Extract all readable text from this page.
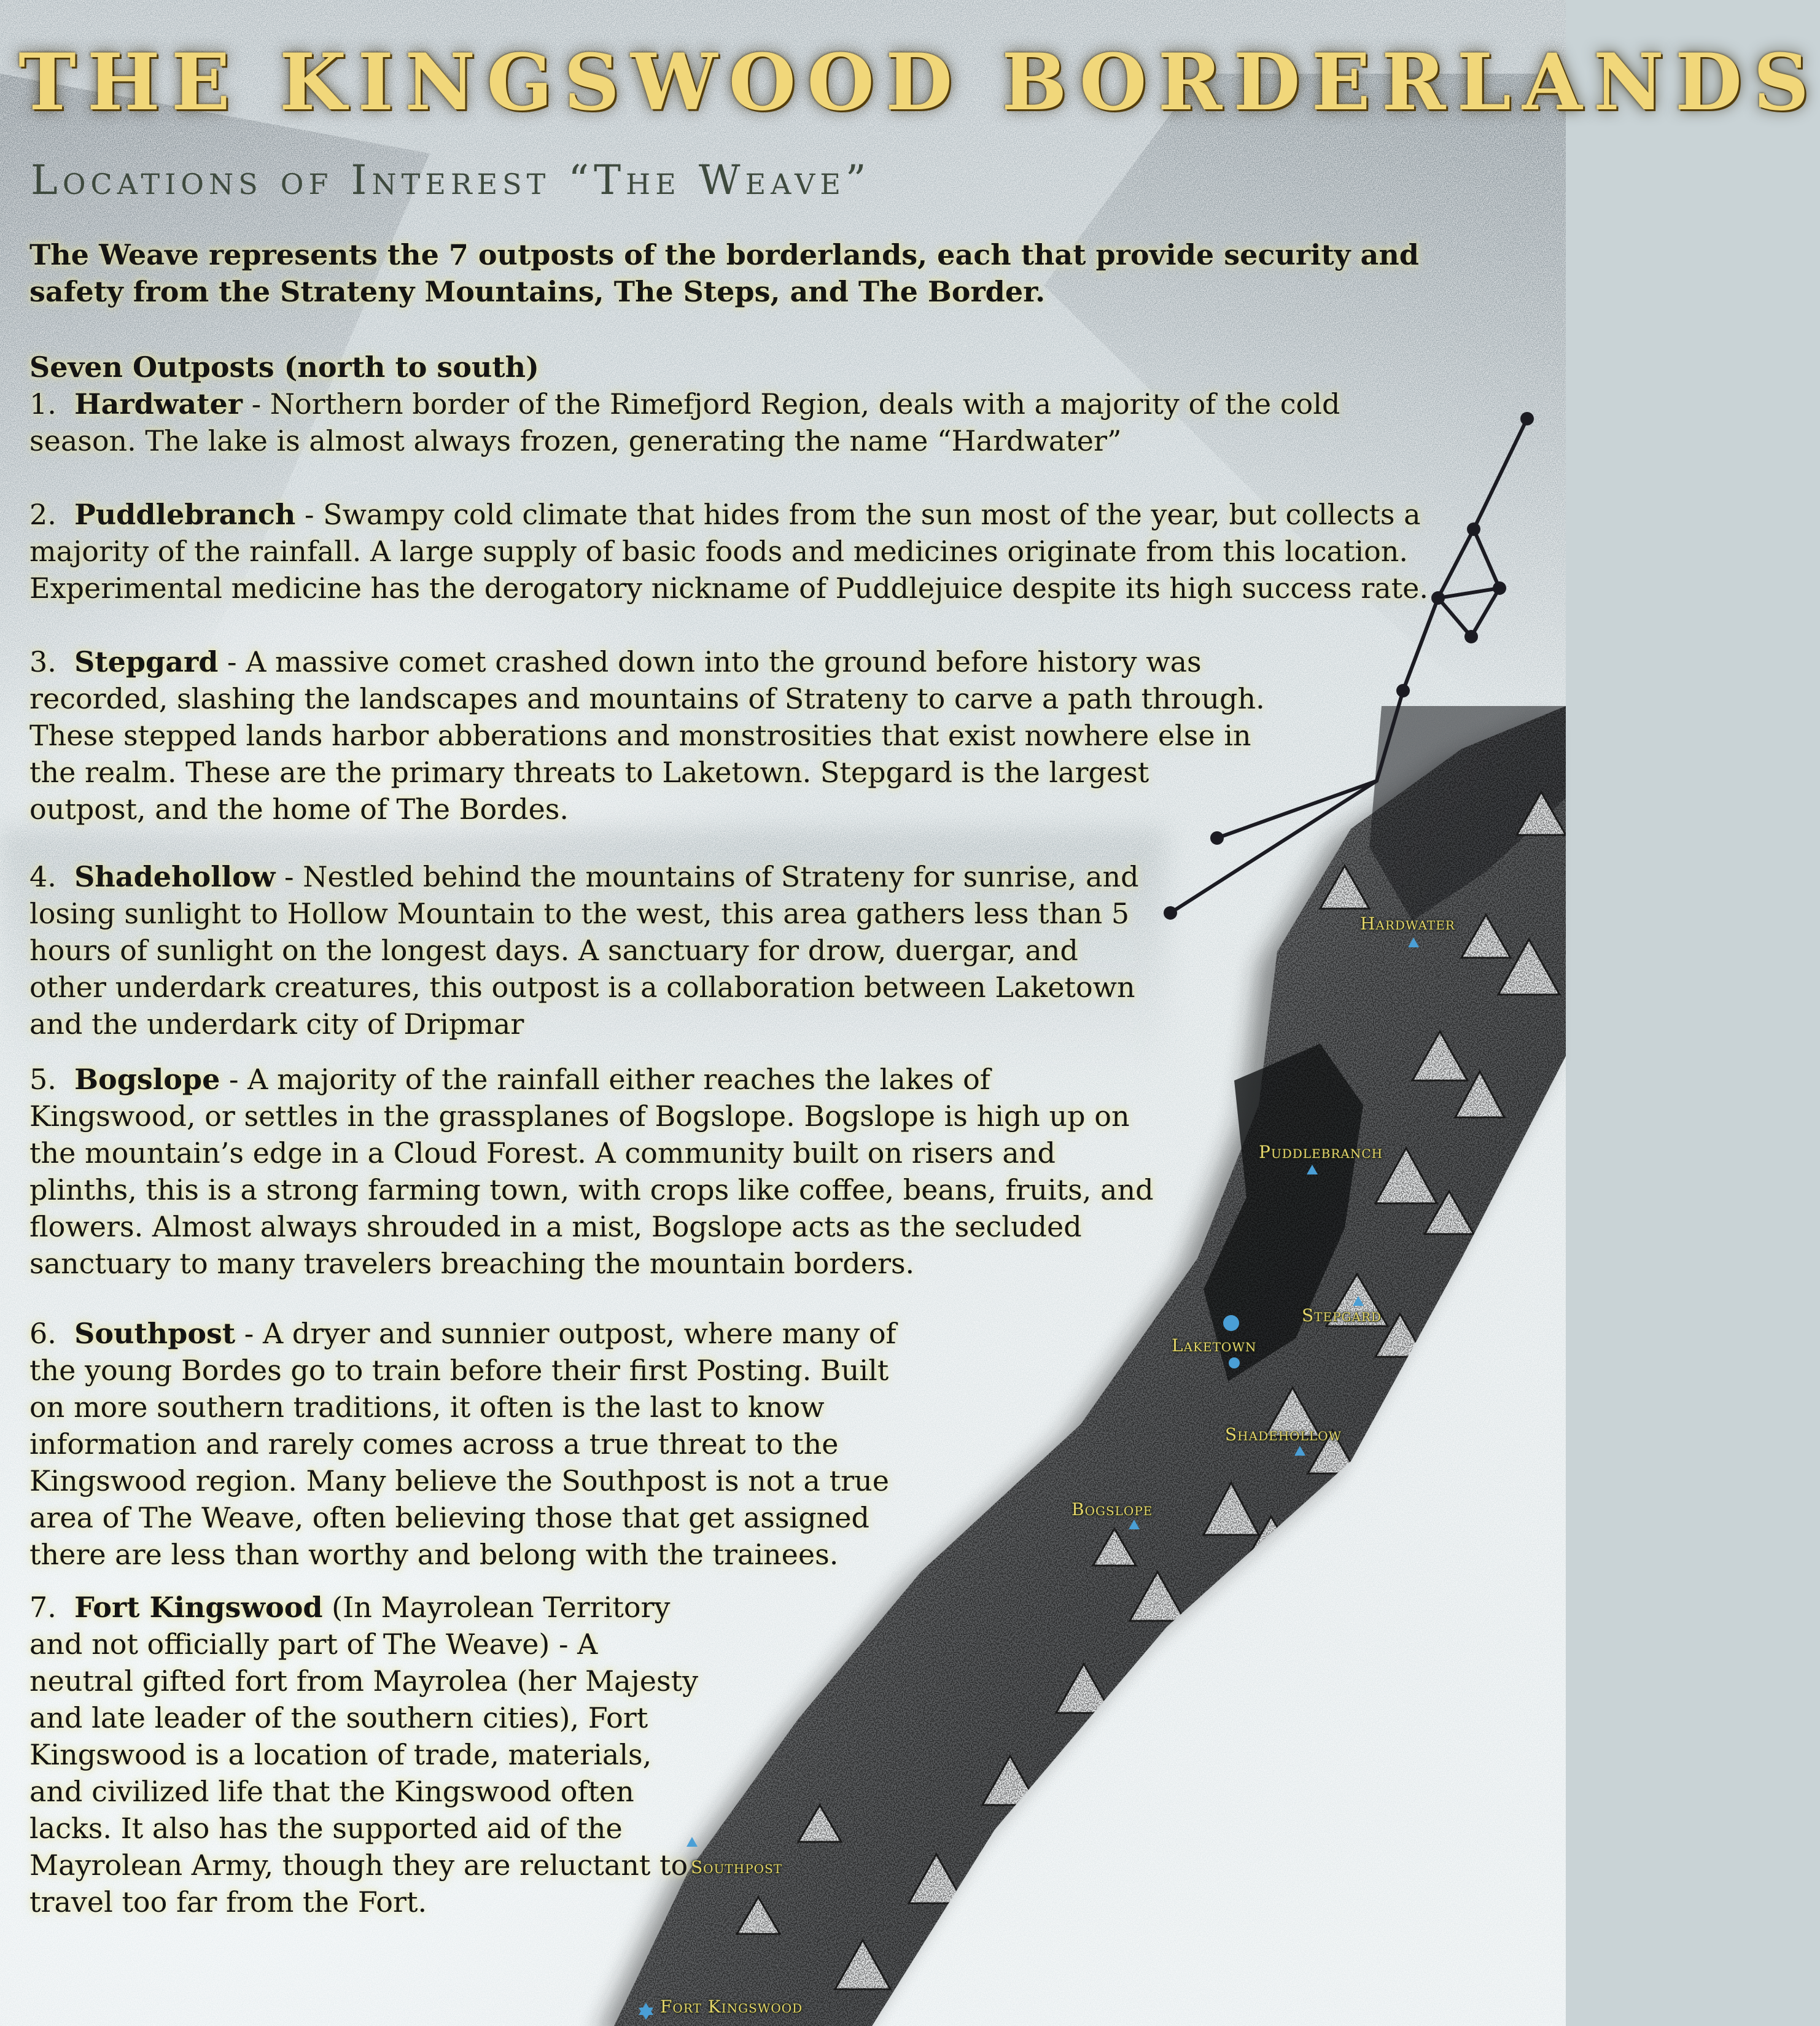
Hardwater
Puddlebranch
Stepgard
Laketown
Shadehollow
Bogslope
Southpost
Fort Kingswood
THE KINGSWOOD BORDERLANDS
Locations of Interest “The Weave”

The Weave represents the 7 outposts of the borderlands, each that provide security and safety from the Strateny Mountains, The Steps, and The Border.

Seven Outposts (north to south)

1. Hardwater - Northern border of the Rimefjord Region, deals with a majority of the cold season. The lake is almost always frozen, generating the name “Hardwater”

2. Puddlebranch - Swampy cold climate that hides from the sun most of the year, but collects a majority of the rainfall. A large supply of basic foods and medicines originate from this location. Experimental medicine has the derogatory nickname of Puddlejuice despite its high success rate.

3. Stepgard - A massive comet crashed down into the ground before history was recorded, slashing the landscapes and mountains of Strateny to carve a path through. These stepped lands harbor abberations and monstrosities that exist nowhere else in the realm. These are the primary threats to Laketown. Stepgard is the largest outpost, and the home of The Bordes.

4. Shadehollow - Nestled behind the mountains of Strateny for sunrise, and losing sunlight to Hollow Mountain to the west, this area gathers less than 5 hours of sunlight on the longest days. A sanctuary for drow, duergar, and other underdark creatures, this outpost is a collaboration between Laketown and the underdark city of Dripmar

5. Bogslope - A majority of the rainfall either reaches the lakes of Kingswood, or settles in the grassplanes of Bogslope. Bogslope is high up on the mountain’s edge in a Cloud Forest. A community built on risers and plinths, this is a strong farming town, with crops like coffee, beans, fruits, and flowers. Almost always shrouded in a mist, Bogslope acts as the secluded sanctuary to many travelers breaching the mountain borders.

6. Southpost - A dryer and sunnier outpost, where many of the young Bordes go to train before their first Posting. Built on more southern traditions, it often is the last to know information and rarely comes across a true threat to the Kingswood region. Many believe the Southpost is not a true area of The Weave, often believing those that get assigned there are less than worthy and belong with the trainees.

7. Fort Kingswood (In Mayrolean Territory and not officially part of The Weave) - A neutral gifted fort from Mayrolea (her Majesty and late leader of the southern cities), Fort Kingswood is a location of trade, materials, and civilized life that the Kingswood often lacks. It also has the supported aid of the Mayrolean Army, though they are reluctant to travel too far from the Fort.
